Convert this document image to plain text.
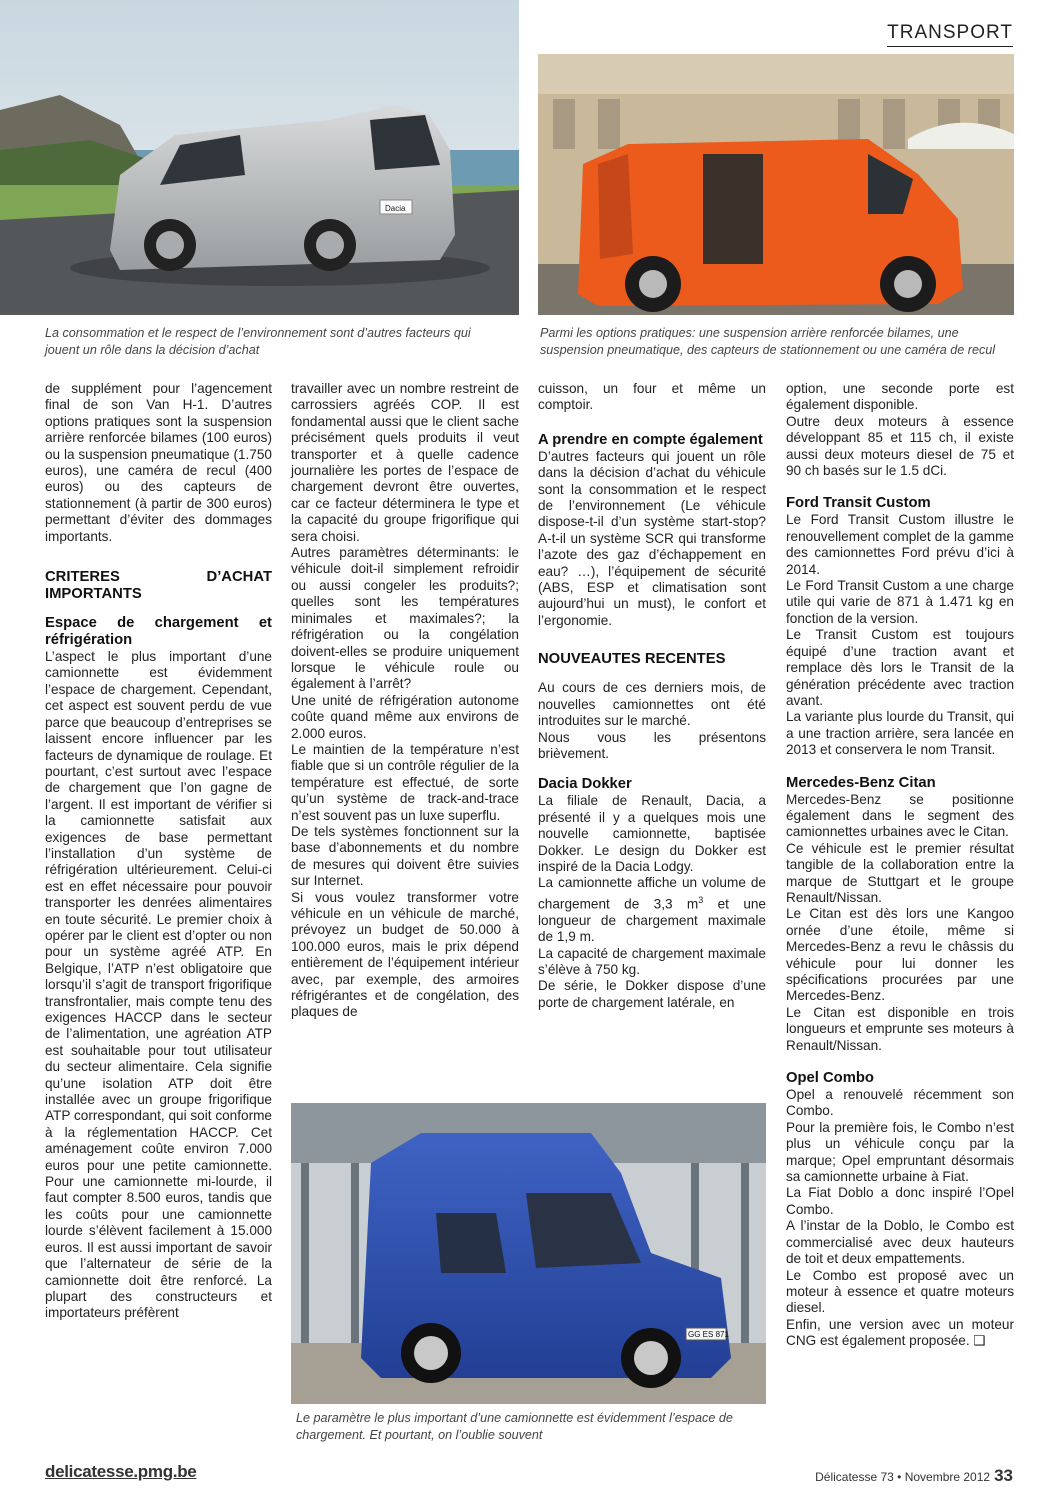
TRANSPORT
Dacia
La consommation et le respect de l’environnement sont d’autres facteurs qui jouent un rôle dans la décision d’achat
Parmi les options pratiques: une suspension arrière renforcée bilames, une suspension pneumatique, des capteurs de stationnement ou une caméra de recul

de supplément pour l’agencement final de son Van H-1. D’autres options pratiques sont la suspension arrière renforcée bilames (100 euros) ou la suspension pneumatique (1.750 euros), une caméra de recul (400 euros) ou des capteurs de stationnement (à partir de 300 euros) permettant d’éviter des dommages importants.

CRITERES D’ACHAT IMPORTANTS
Espace de chargement et réfrigération

L’aspect le plus important d’une camionnette est évidemment l’espace de chargement. Cependant, cet aspect est souvent perdu de vue parce que beaucoup d’entreprises se laissent encore influencer par les facteurs de dynamique de roulage. Et pourtant, c’est surtout avec l’espace de chargement que l’on gagne de l’argent. Il est important de vérifier si la camionnette satisfait aux exigences de base permettant l’installation d’un système de réfrigération ultérieurement. Celui-ci est en effet nécessaire pour pouvoir transporter les denrées alimentaires en toute sécurité. Le premier choix à opérer par le client est d’opter ou non pour un système agréé ATP. En Belgique, l’ATP n’est obligatoire que lorsqu’il s’agit de transport frigorifique transfrontalier, mais compte tenu des exigences HACCP dans le secteur de l’alimentation, une agréation ATP est souhaitable pour tout utilisateur du secteur alimentaire. Cela signifie qu’une isolation ATP doit être installée avec un groupe frigorifique ATP correspondant, qui soit conforme à la réglementation HACCP. Cet aménagement coûte environ 7.000 euros pour une petite camionnette. Pour une camionnette mi-lourde, il faut compter 8.500 euros, tandis que les coûts pour une camionnette lourde s’élèvent facilement à 15.000 euros. Il est aussi important de savoir que l’alternateur de série de la camionnette doit être renforcé. La plupart des constructeurs et importateurs préfèrent

travailler avec un nombre restreint de carrossiers agréés COP. Il est fondamental aussi que le client sache précisément quels produits il veut transporter et à quelle cadence journalière les portes de l’espace de chargement devront être ouvertes, car ce facteur déterminera le type et la capacité du groupe frigorifique qui sera choisi.

Autres paramètres déterminants: le véhicule doit-il simplement refroidir ou aussi congeler les produits?; quelles sont les températures minimales et maximales?; la réfrigération ou la congélation doivent-elles se produire uniquement lorsque le véhicule roule ou également à l’arrêt?

Une unité de réfrigération autonome coûte quand même aux environs de 2.000 euros.

Le maintien de la température n’est fiable que si un contrôle régulier de la température est effectué, de sorte qu’un système de track-and-trace n’est souvent pas un luxe superflu.

De tels systèmes fonctionnent sur la base d’abonnements et du nombre de mesures qui doivent être suivies sur Internet.

Si vous voulez transformer votre véhicule en un véhicule de marché, prévoyez un budget de 50.000 à 100.000 euros, mais le prix dépend entièrement de l’équipement intérieur avec, par exemple, des armoires réfrigérantes et de congélation, des plaques de

cuisson, un four et même un comptoir.

A prendre en compte également

D’autres facteurs qui jouent un rôle dans la décision d’achat du véhicule sont la consommation et le respect de l’environnement (Le véhicule dispose-t-il d’un système start-stop? A-t-il un système SCR qui transforme l’azote des gaz d’échappement en eau? …), l’équipement de sécurité (ABS, ESP et climatisation sont aujourd’hui un must), le confort et l’ergonomie.

NOUVEAUTES RECENTES

Au cours de ces derniers mois, de nouvelles camionnettes ont été introduites sur le marché.

Nous vous les présentons brièvement.

Dacia Dokker

La filiale de Renault, Dacia, a présenté il y a quelques mois une nouvelle camionnette, baptisée Dokker. Le design du Dokker est inspiré de la Dacia Lodgy.

La camionnette affiche un volume de chargement de 3,3 $m^3$ et une longueur de chargement maximale de 1,9 m.

La capacité de chargement maximale s’élève à 750 kg.

De série, le Dokker dispose d’une porte de chargement latérale, en

option, une seconde porte est également disponible.

Outre deux moteurs à essence développant 85 et 115 ch, il existe aussi deux moteurs diesel de 75 et 90 ch basés sur le 1.5 dCi.

Ford Transit Custom

Le Ford Transit Custom illustre le renouvellement complet de la gamme des camionnettes Ford prévu d’ici à 2014.

Le Ford Transit Custom a une charge utile qui varie de 871 à 1.471 kg en fonction de la version.

Le Transit Custom est toujours équipé d’une traction avant et remplace dès lors le Transit de la génération précédente avec traction avant.

La variante plus lourde du Transit, qui a une traction arrière, sera lancée en 2013 et conservera le nom Transit.

Mercedes-Benz Citan

Mercedes-Benz se positionne également dans le segment des camionnettes urbaines avec le Citan.

Ce véhicule est le premier résultat tangible de la collaboration entre la marque de Stuttgart et le groupe Renault/Nissan.

Le Citan est dès lors une Kangoo ornée d’une étoile, même si Mercedes-Benz a revu le châssis du véhicule pour lui donner les spécifications procurées par une Mercedes-Benz.

Le Citan est disponible en trois longueurs et emprunte ses moteurs à Renault/Nissan.

Opel Combo

Opel a renouvelé récemment son Combo.

Pour la première fois, le Combo n’est plus un véhicule conçu par la marque; Opel empruntant désormais sa camionnette urbaine à Fiat.

La Fiat Doblo a donc inspiré l’Opel Combo.

A l’instar de la Doblo, le Combo est commercialisé avec deux hauteurs de toit et deux empattements.

Le Combo est proposé avec un moteur à essence et quatre moteurs diesel.

Enfin, une version avec un moteur CNG est également proposée. ❑

GG ES 871
Le paramètre le plus important d’une camionnette est évidemment l’espace de chargement. Et pourtant, on l’oublie souvent
delicatesse.pmg.be	Délicatesse 73 • Novembre 2012 33
